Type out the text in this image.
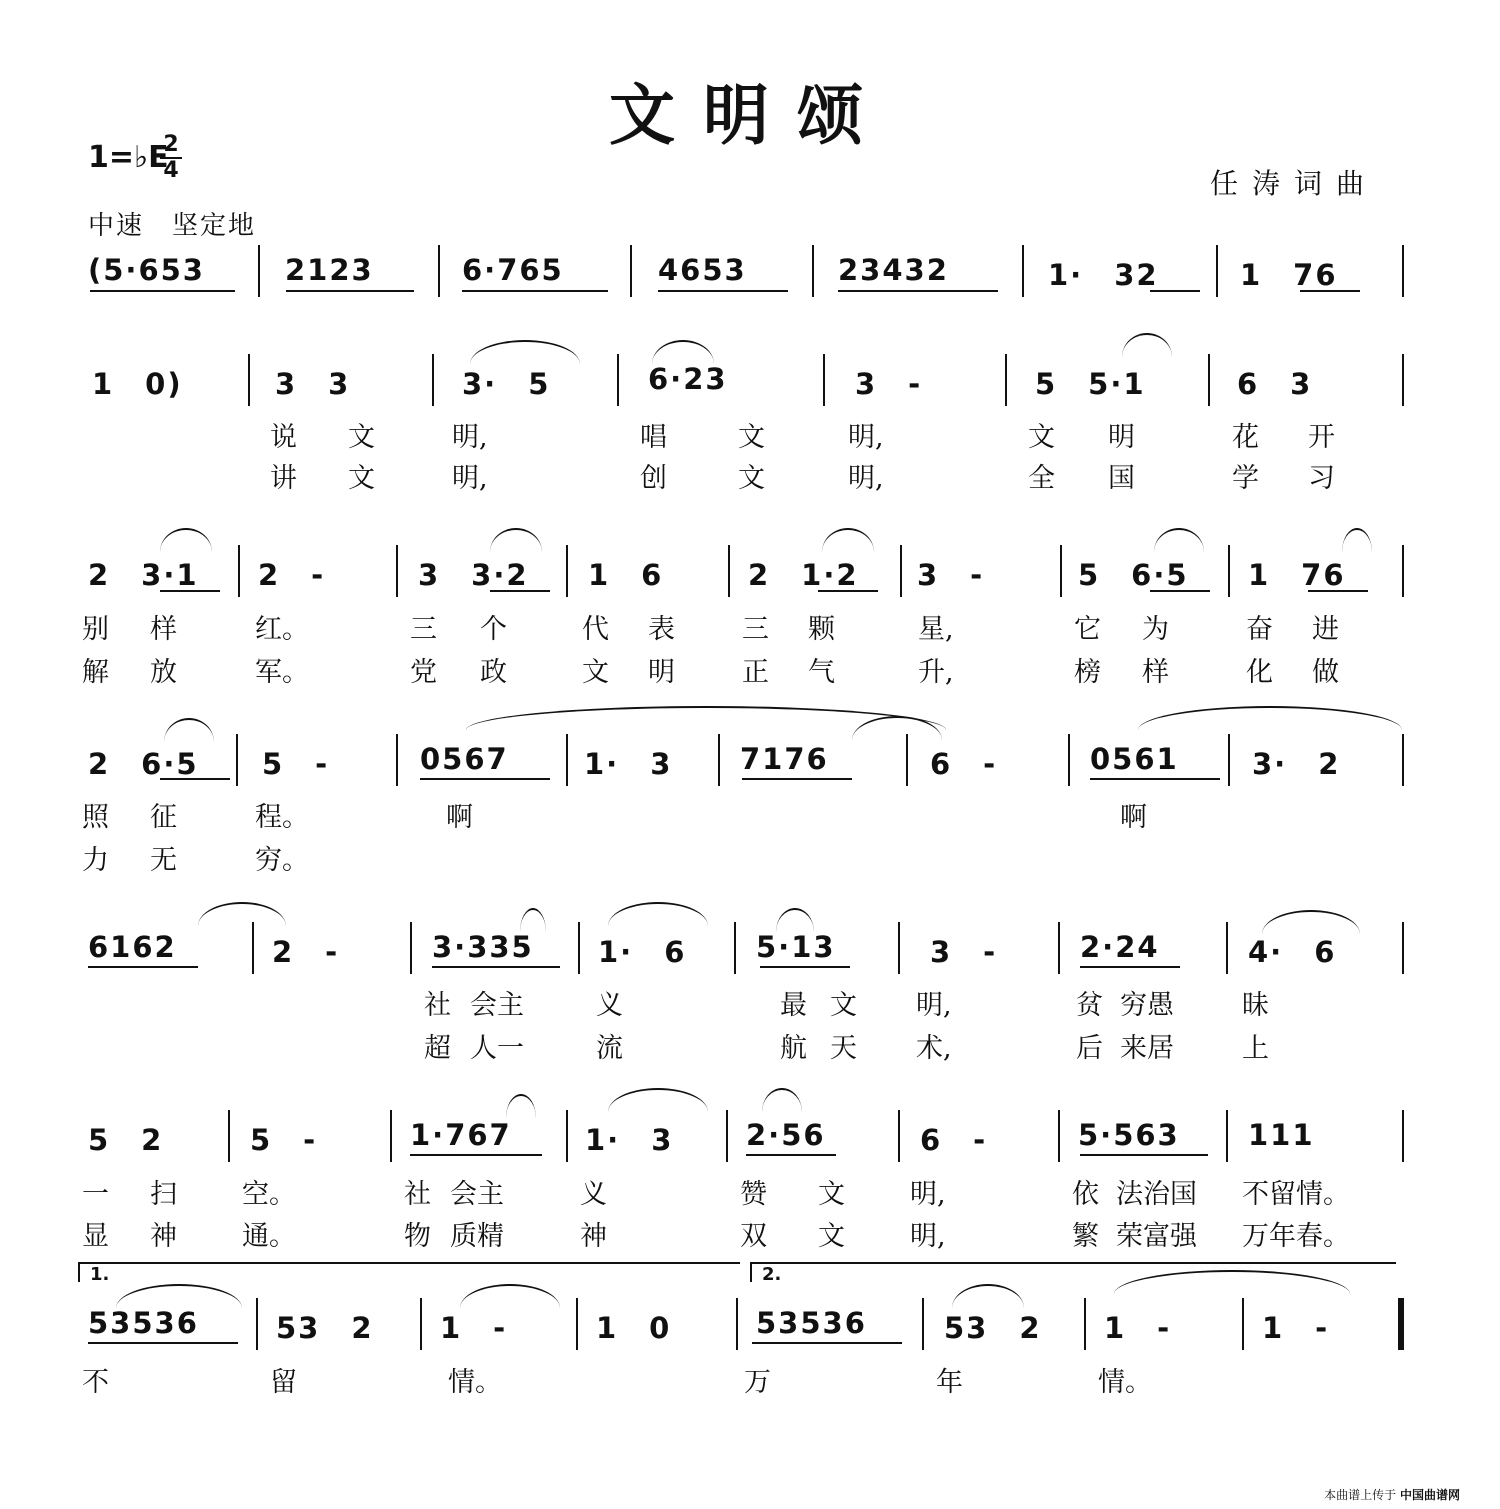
文明颂
1=♭E
2
4	任涛词曲
中速　坚定地
(5·653	2123	6·765	4653	23432	1·　32	1　76
1　0)	3　3	3·　5	6·23	3　-	5　5·1	6　3
说 文	明,	唱	文	明,	文 明	花 开
讲 文	明,	创	文	明,	全 国	学 习
2　3·1 2　-	3　3·2 1　6	2　1·2 3　-	5　6·5 1　76
别 样	红。	三 个	代 表 三 颗	星,	它 为	奋 进
解 放	军。	党 政	文 明 正 气	升,	榜 样	化 做
2　6·5 5　-	0567	1·　3 7176	6　-	0561	3·　2
照 征	程。	啊	啊
力 无	穷。
6162	2　-	3·335 1·　6 5·13	3　-	2·24	4·　6
社 会主	义	最 文 明,	贫 穷愚	昧
超 人一	流	航 天 术,	后 来居	上
5　2	5　-	1·767	1·　3	2·56	6　-	5·563 111
一 扫 空。	社 会主	义	赞 文 明,	依 法治国 不留情。
显 神 通。	物 质精	神	双 文 明,	繁 荣富强 万年春。
53536	53　2 1　-	1　0	53536	53　2 1　-	1　-
不	留	情。	万	年	情。
1.	2.
本曲谱上传于 中国曲谱网
